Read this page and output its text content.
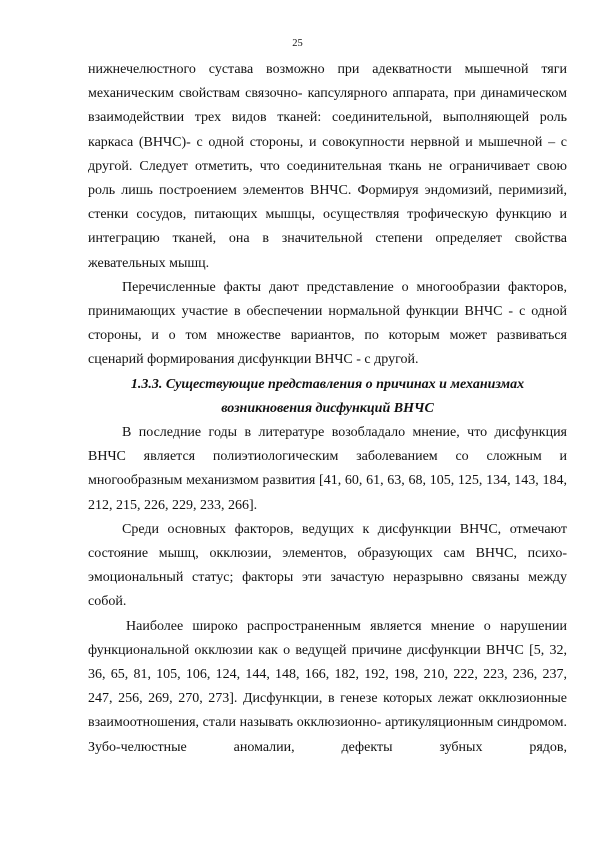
25

нижнечелюстного сустава возможно при адекватности мышечной тяги механическим свойствам связочно- капсулярного аппарата, при динамическом взаимодействии трех видов тканей: соединительной, выполняющей роль каркаса (ВНЧС)- с одной стороны, и совокупности нервной и мышечной – с другой. Следует отметить, что соединительная ткань не ограничивает свою роль лишь построением элементов ВНЧС. Формируя эндомизий, перимизий, стенки сосудов, питающих мышцы, осуществляя трофическую функцию и интеграцию тканей, она в значительной степени определяет свойства жевательных мышц.

Перечисленные факты дают представление о многообразии факторов, принимающих участие в обеспечении нормальной функции ВНЧС - с одной стороны, и о том множестве вариантов, по которым может развиваться сценарий формирования дисфункции ВНЧС - с другой.

1.3.3. Существующие представления о причинах и механизмах

возникновения дисфункций ВНЧС

В последние годы в литературе возобладало мнение, что дисфункция ВНЧС является полиэтиологическим заболеванием со сложным и многообразным механизмом развития [41, 60, 61, 63, 68, 105, 125, 134, 143, 184, 212, 215, 226, 229, 233, 266].

Среди основных факторов, ведущих к дисфункции ВНЧС, отмечают состояние мышц, окклюзии, элементов, образующих сам ВНЧС, психо-эмоциональный статус; факторы эти зачастую неразрывно связаны между собой.

Наиболее широко распространенным является мнение о нарушении функциональной окклюзии как о ведущей причине дисфункции ВНЧС [5, 32, 36, 65, 81, 105, 106, 124, 144, 148, 166, 182, 192, 198, 210, 222, 223, 236, 237, 247, 256, 269, 270, 273]. Дисфункции, в генезе которых лежат окклюзионные взаимоотношения, стали называть окклюзионно- артикуляционным синдромом. Зубо-челюстные аномалии, дефекты зубных рядов,
